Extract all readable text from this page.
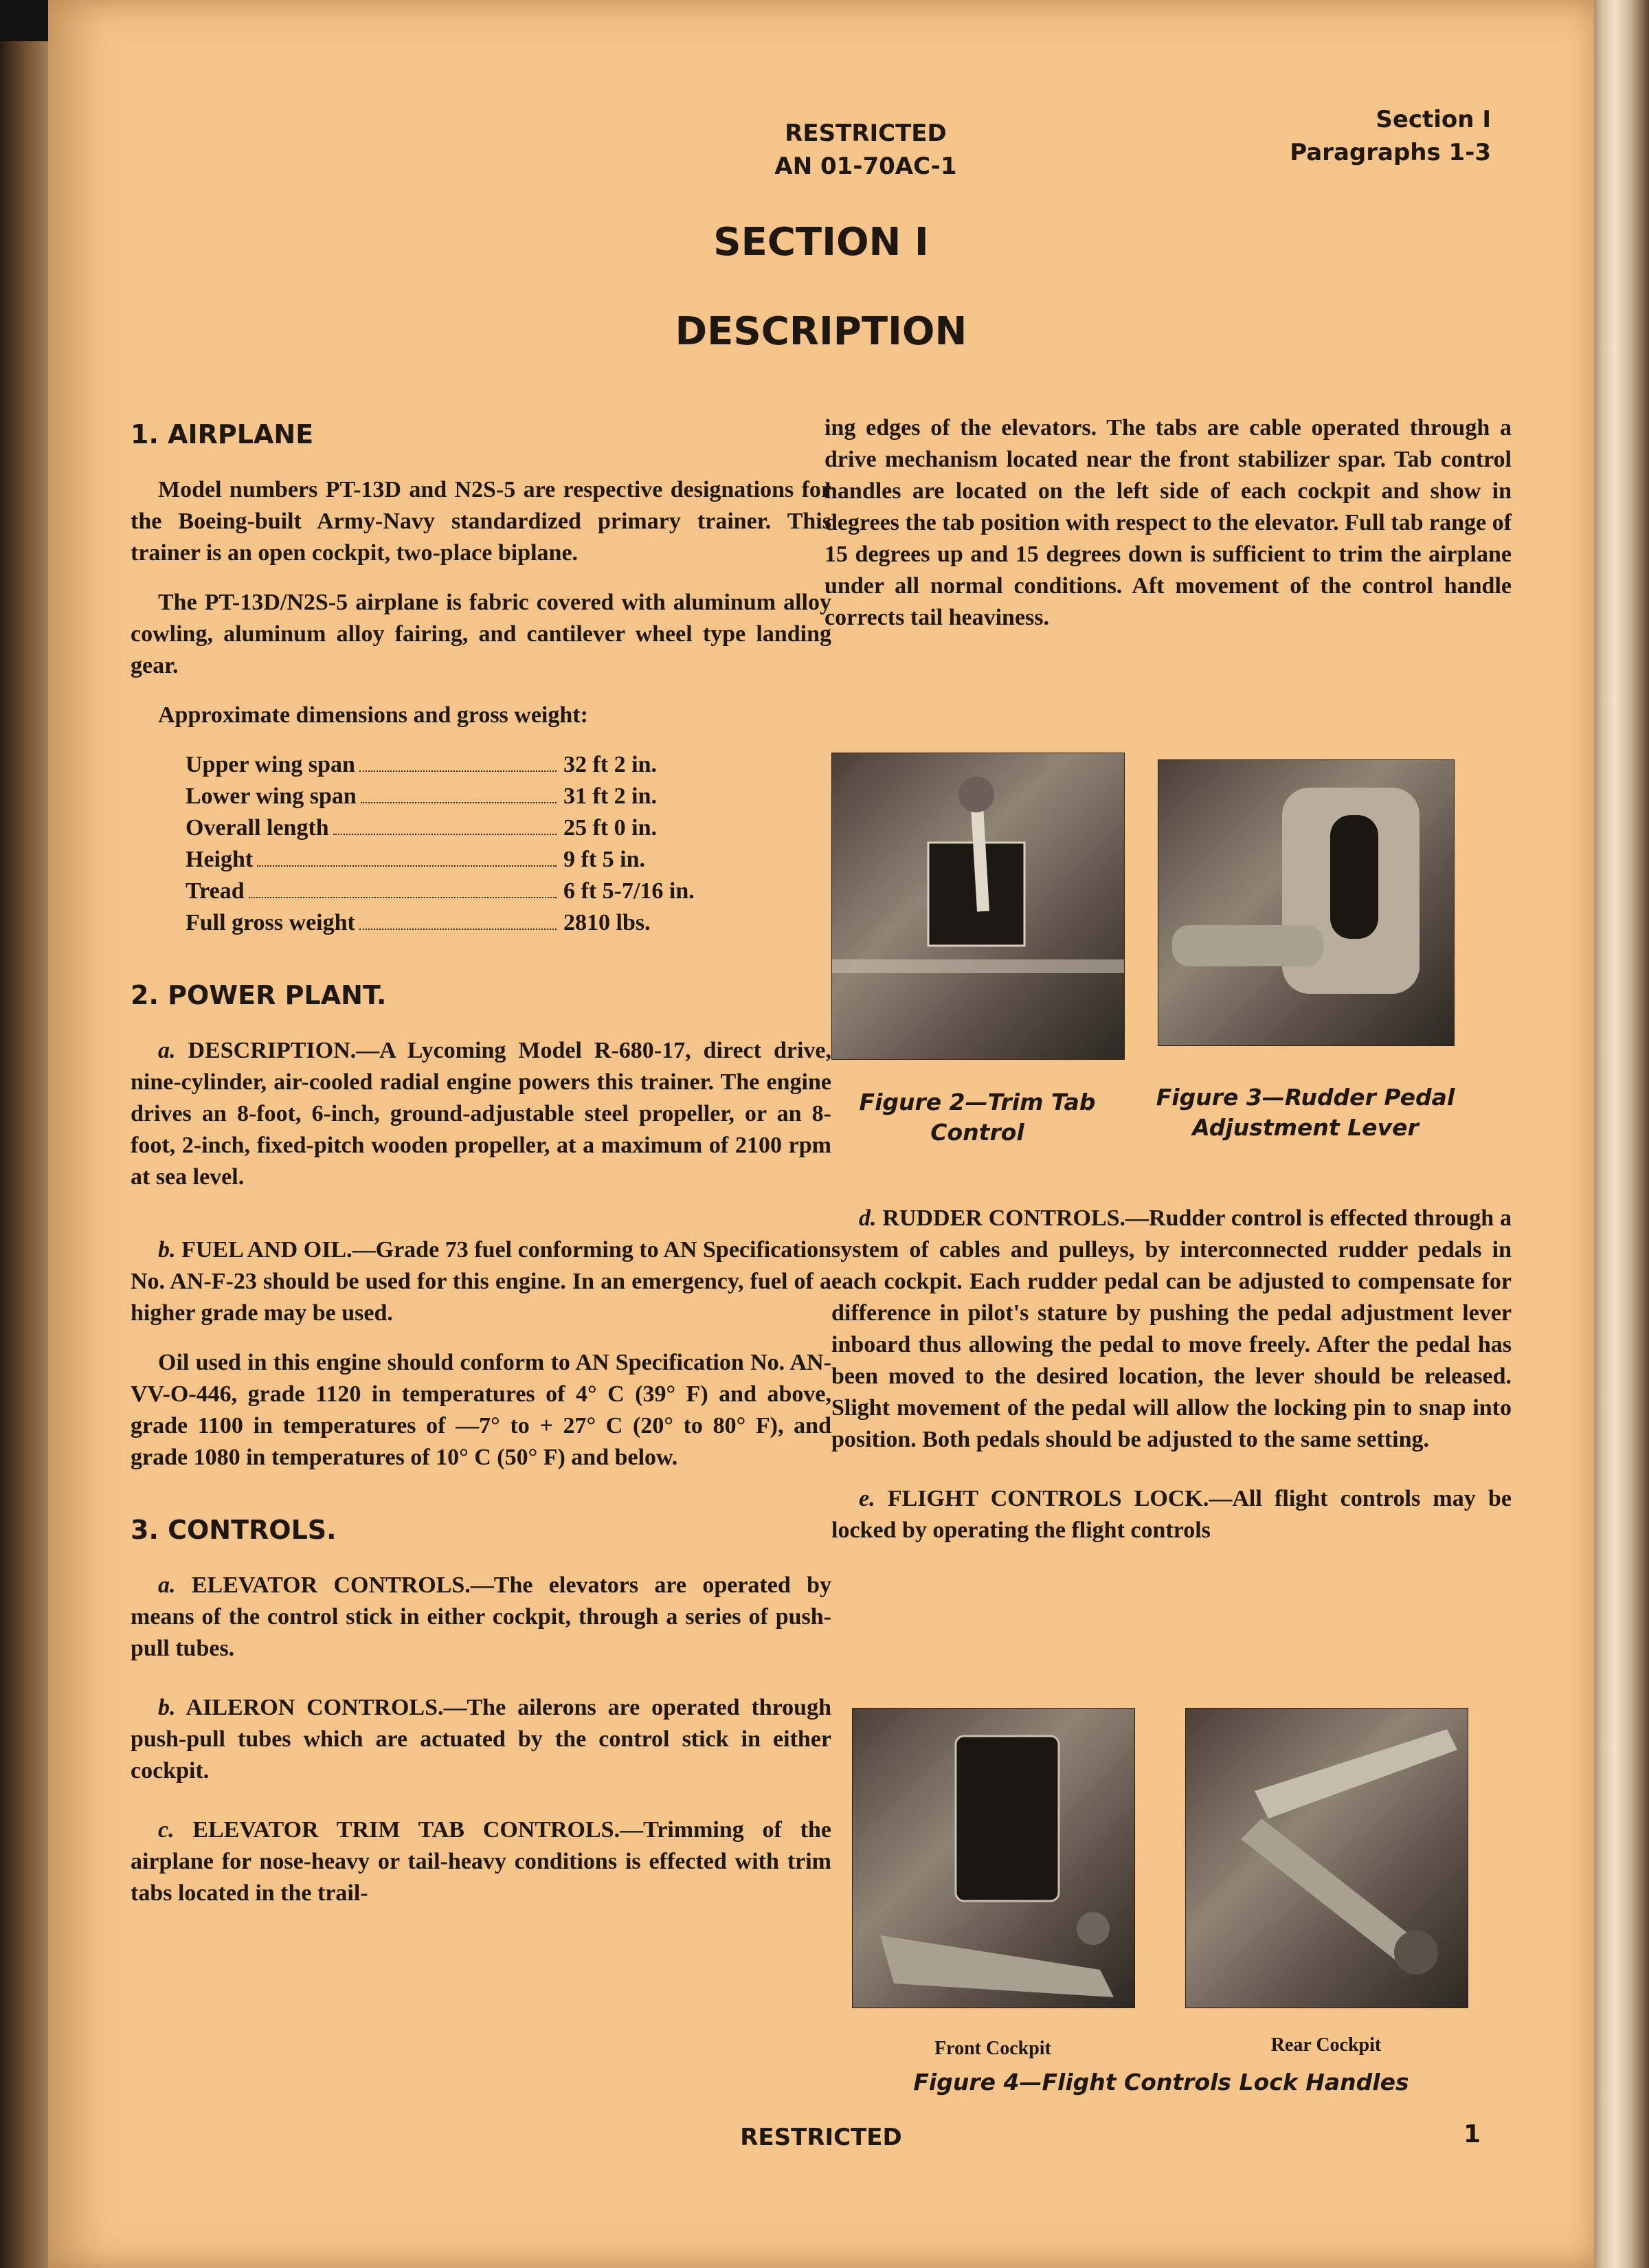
RESTRICTED
AN 01-70AC-1
Section I
Paragraphs 1-3
SECTION I
DESCRIPTION
1. AIRPLANE

Model numbers PT-13D and N2S-5 are respective designations for the Boeing-built Army-Navy standardized primary trainer. This trainer is an open cockpit, two-place biplane.

The PT-13D/N2S-5 airplane is fabric covered with aluminum alloy cowling, aluminum alloy fairing, and cantilever wheel type landing gear.

Approximate dimensions and gross weight:

Upper wing span	32 ft 2 in.
Lower wing span	31 ft 2 in.
Overall length	25 ft 0 in.
Height	9 ft 5 in.
Tread	6 ft 5-7/16 in.
Full gross weight	2810 lbs.
2. POWER PLANT.

a. DESCRIPTION.—A Lycoming Model R-680-17, direct drive, nine-cylinder, air-cooled radial engine powers this trainer. The engine drives an 8-foot, 6-inch, ground-adjustable steel propeller, or an 8-foot, 2-inch, fixed-pitch wooden propeller, at a maximum of 2100 rpm at sea level.

b. FUEL AND OIL.—Grade 73 fuel conforming to AN Specification No. AN-F-23 should be used for this engine. In an emergency, fuel of a higher grade may be used.

Oil used in this engine should conform to AN Specification No. AN-VV-O-446, grade 1120 in temperatures of 4° C (39° F) and above, grade 1100 in temperatures of —7° to + 27° C (20° to 80° F), and grade 1080 in temperatures of 10° C (50° F) and below.

3. CONTROLS.

a. ELEVATOR CONTROLS.—The elevators are operated by means of the control stick in either cockpit, through a series of push-pull tubes.

b. AILERON CONTROLS.—The ailerons are operated through push-pull tubes which are actuated by the control stick in either cockpit.

c. ELEVATOR TRIM TAB CONTROLS.—Trimming of the airplane for nose-heavy or tail-heavy conditions is effected with trim tabs located in the trail-

ing edges of the elevators. The tabs are cable operated through a drive mechanism located near the front stabilizer spar. Tab control handles are located on the left side of each cockpit and show in degrees the tab position with respect to the elevator. Full tab range of 15 degrees up and 15 degrees down is sufficient to trim the airplane under all normal conditions. Aft movement of the control handle corrects tail heaviness.

Figure 2—Trim Tab Control
Figure 3—Rudder Pedal Adjustment Lever

d. RUDDER CONTROLS.—Rudder control is effected through a system of cables and pulleys, by interconnected rudder pedals in each cockpit. Each rudder pedal can be adjusted to compensate for difference in pilot's stature by pushing the pedal adjustment lever inboard thus allowing the pedal to move freely. After the pedal has been moved to the desired location, the lever should be released. Slight movement of the pedal will allow the locking pin to snap into position. Both pedals should be adjusted to the same setting.

e. FLIGHT CONTROLS LOCK.—All flight controls may be locked by operating the flight controls

Front Cockpit	Rear Cockpit
Figure 4—Flight Controls Lock Handles
RESTRICTED	1
